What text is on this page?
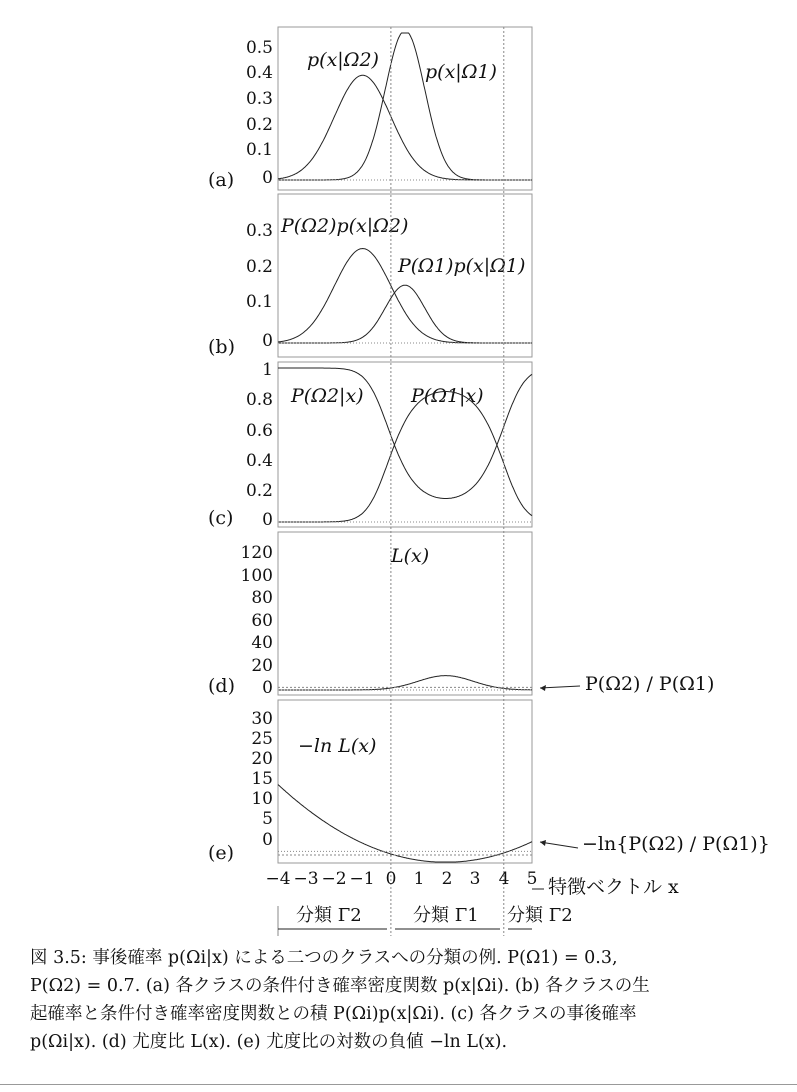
(a)
0.5
0.4
0.3
0.2
0.1
0
p(x|Ω2)
p(x|Ω1)
(b)
0.3
0.2
0.1
0
P(Ω2)p(x|Ω2)
P(Ω1)p(x|Ω1)
(c)
1
0.8
0.6
0.4
0.2
0
P(Ω2|x) P(Ω1|x)
(d)
120
100
80
60
40
20
0
L(x)
P(Ω2) / P(Ω1)
(e)
30
25
20
15
10
5
0
−ln L(x)
−ln{P(Ω2) / P(Ω1)}
−4 −3 −2 −1 0 1 2 3 4 5 特徴ベクトル x
分類 Γ2	分類 Γ1 分類 Γ2
図 3.5: 事後確率 p(Ωi|x) による二つのクラスへの分類の例. P(Ω1) = 0.3,
P(Ω2) = 0.7. (a) 各クラスの条件付き確率密度関数 p(x|Ωi). (b) 各クラスの生
起確率と条件付き確率密度関数との積 P(Ωi)p(x|Ωi). (c) 各クラスの事後確率
p(Ωi|x). (d) 尤度比 L(x). (e) 尤度比の対数の負値 −ln L(x).
